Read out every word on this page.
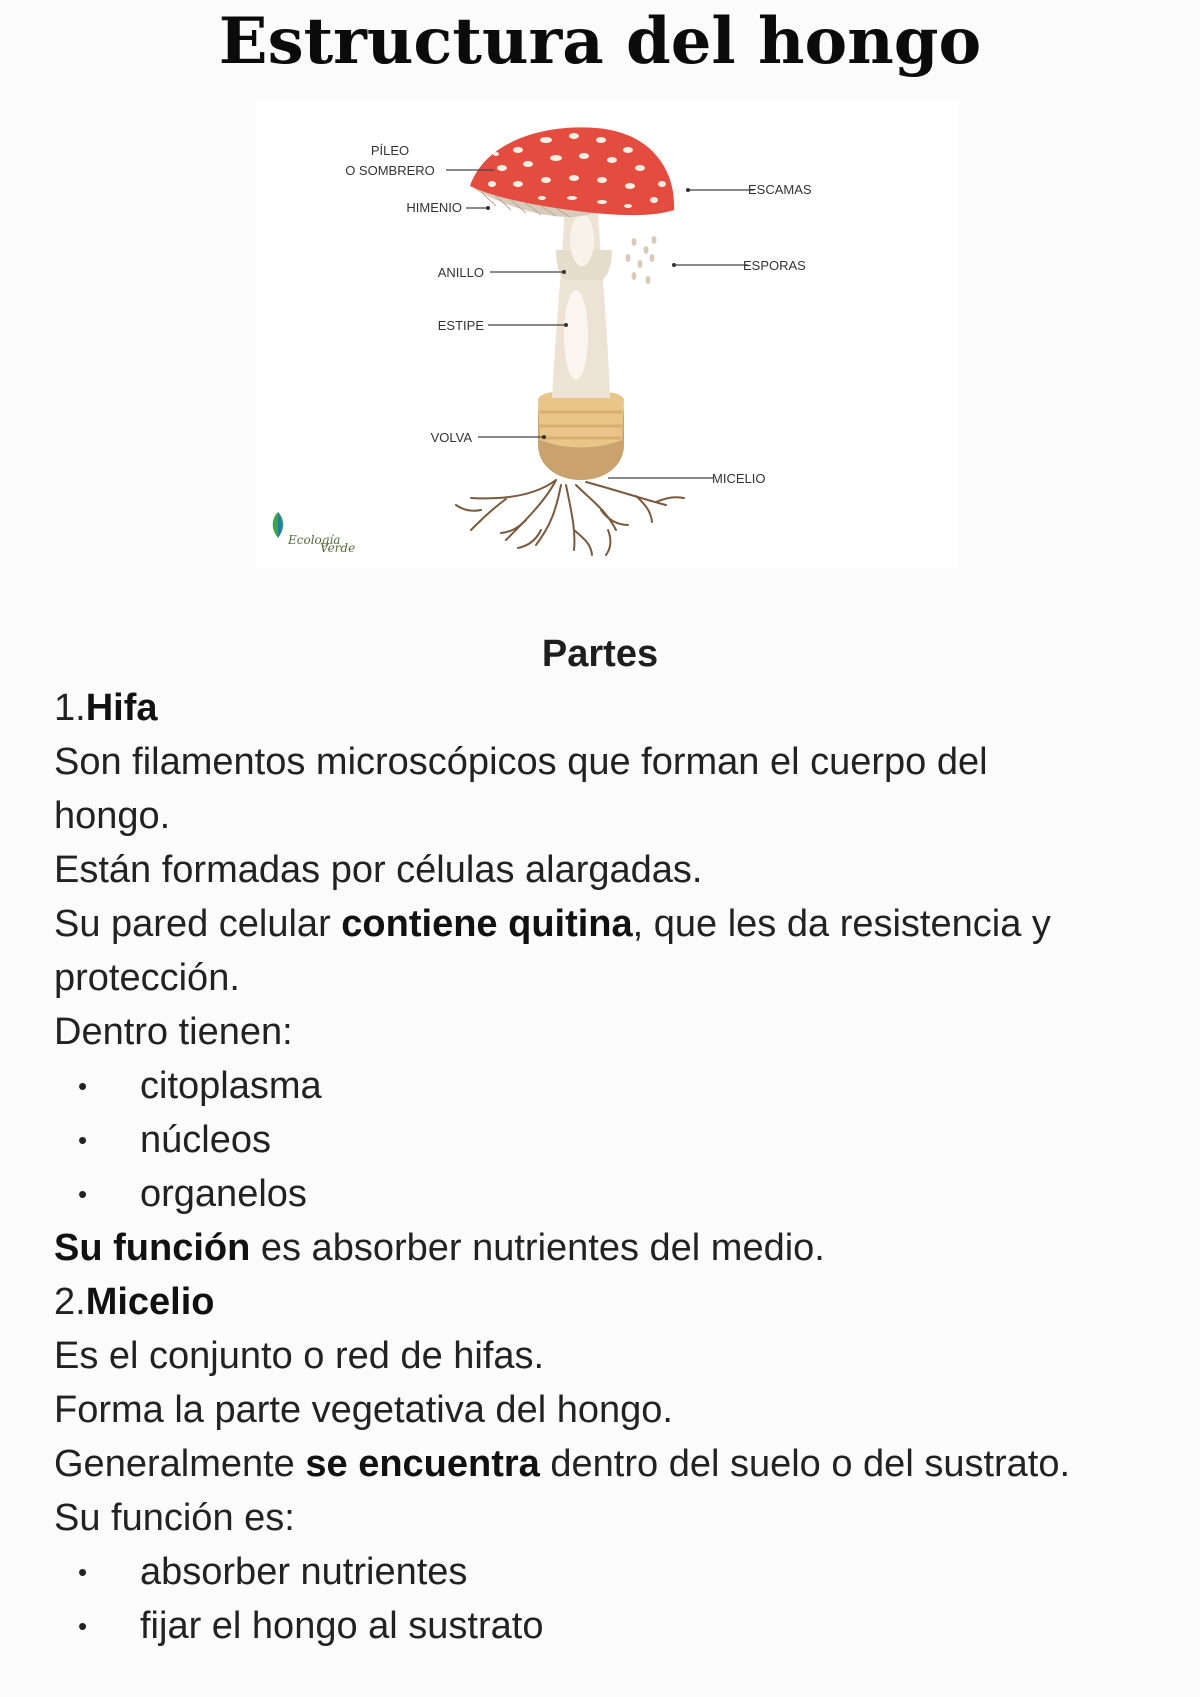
Estructura del hongo
PÍLEO
O SOMBRERO
HIMENIO
ANILLO
ESTIPE
VOLVA
ESCAMAS
ESPORAS
MICELIO
Ecología
Verde
Partes
1.Hifa
Son filamentos microscópicos que forman el cuerpo del
hongo.
Están formadas por células alargadas.
Su pared celular contiene quitina, que les da resistencia y
protección.
Dentro tienen:
• citoplasma
• núcleos
• organelos
Su función es absorber nutrientes del medio.
2.Micelio
Es el conjunto o red de hifas.
Forma la parte vegetativa del hongo.
Generalmente se encuentra dentro del suelo o del sustrato.
Su función es:
• absorber nutrientes
• fijar el hongo al sustrato
